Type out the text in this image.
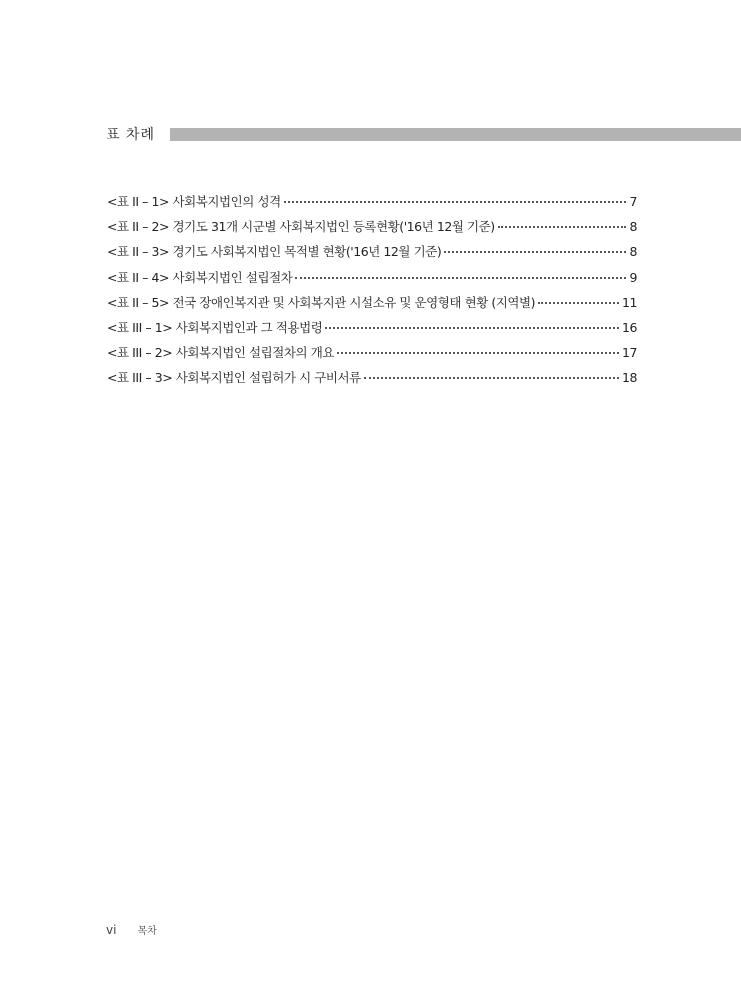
표 차례
<표 II – 1> 사회복지법인의 성격	7
<표 II – 2> 경기도 31개 시군별 사회복지법인 등록현황('16년 12월 기준)	8
<표 II – 3> 경기도 사회복지법인 목적별 현황('16년 12월 기준)	8
<표 II – 4> 사회복지법인 설립절차	9
<표 II – 5> 전국 장애인복지관 및 사회복지관 시설소유 및 운영형태 현황 (지역별)	11
<표 III – 1> 사회복지법인과 그 적용법령	16
<표 III – 2> 사회복지법인 설립절차의 개요	17
<표 III – 3> 사회복지법인 설립허가 시 구비서류	18
vi 목차
